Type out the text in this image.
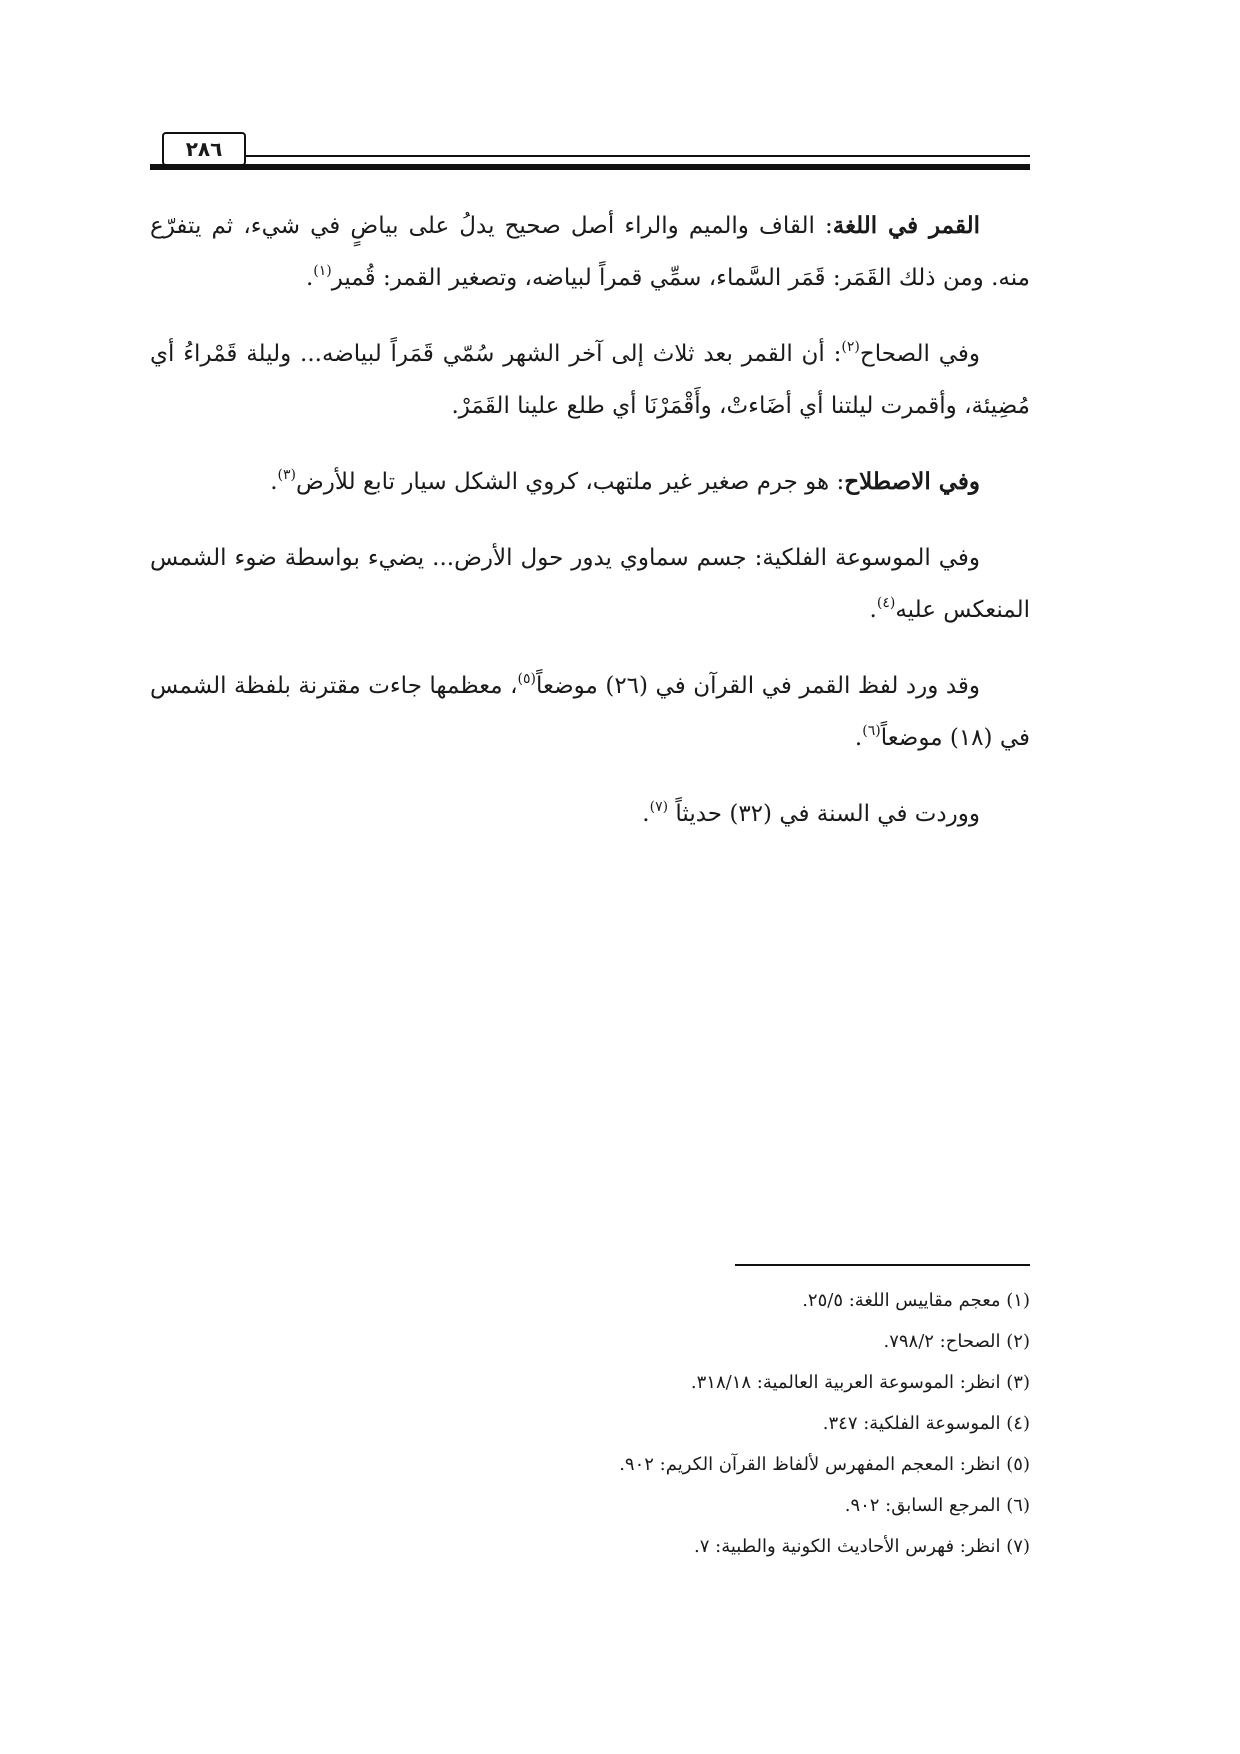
٢٨٦

القمر في اللغة: القاف والميم والراء أصل صحيح يدلُ على بياضٍ في شيء، ثم يتفرّع منه. ومن ذلك القَمَر: قَمَر السَّماء، سمِّي قمراً لبياضه، وتصغير القمر: قُمير$^{(١)}$.

وفي الصحاح$^{(٢)}$: أن القمر بعد ثلاث إلى آخر الشهر سُمّي قَمَراً لبياضه... وليلة قَمْراءُ أي مُضِيئة، وأقمرت ليلتنا أي أضَاءتْ، وأَقْمَرْنَا أي طلع علينا القَمَرْ.

وفي الاصطلاح: هو جرم صغير غير ملتهب، كروي الشكل سيار تابع للأرض$^{(٣)}$.

وفي الموسوعة الفلكية: جسم سماوي يدور حول الأرض... يضيء بواسطة ضوء الشمس المنعكس عليه$^{(٤)}$.

وقد ورد لفظ القمر في القرآن في (٢٦) موضعاً$^{(٥)}$، معظمها جاءت مقترنة بلفظة الشمس في (١٨) موضعاً$^{(٦)}$.

ووردت في السنة في (٣٢) حديثاً $^{(٧)}$.

(١) معجم مقاييس اللغة: ٢٥/٥.
(٢) الصحاح: ٧٩٨/٢.
(٣) انظر: الموسوعة العربية العالمية: ٣١٨/١٨.
(٤) الموسوعة الفلكية: ٣٤٧.
(٥) انظر: المعجم المفهرس لألفاظ القرآن الكريم: ٩٠٢.
(٦) المرجع السابق: ٩٠٢.
(٧) انظر: فهرس الأحاديث الكونية والطبية: ٧.
